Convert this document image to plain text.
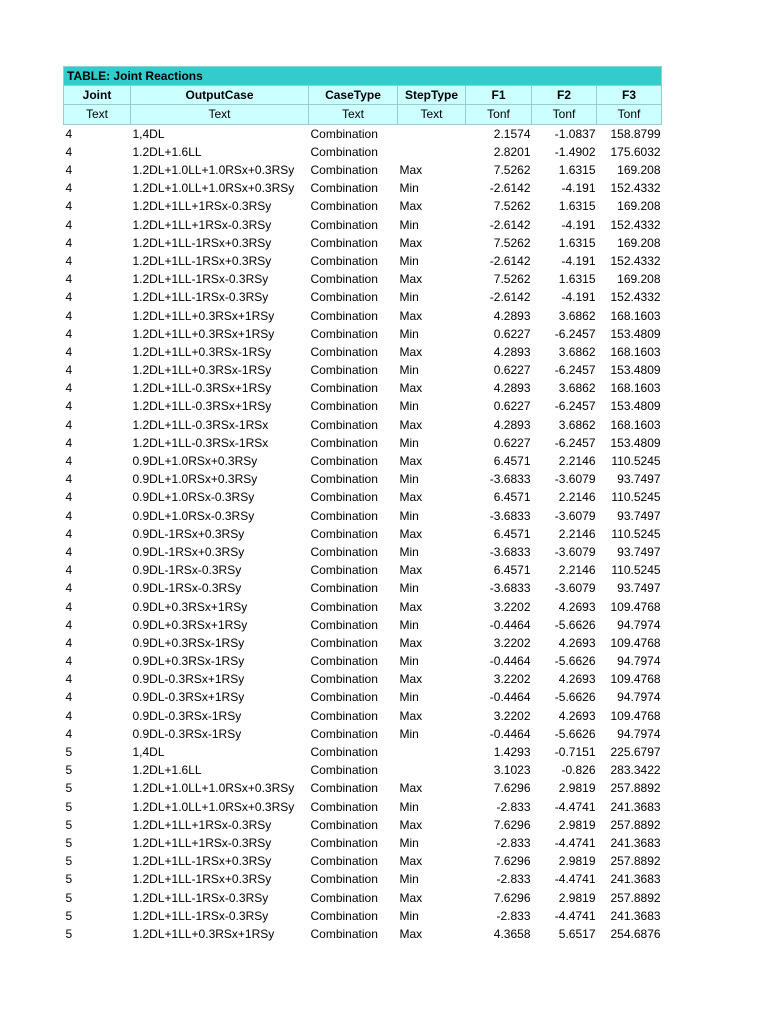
TABLE: Joint Reactions						
Joint	OutputCase	CaseType	StepType	F1	F2	F3
Text	Text	Text	Text	Tonf	Tonf	Tonf
4	1,4DL	Combination		2.1574	-1.0837	158.8799
4	1.2DL+1.6LL	Combination		2.8201	-1.4902	175.6032
4	1.2DL+1.0LL+1.0RSx+0.3RSy	Combination	Max	7.5262	1.6315	169.208
4	1.2DL+1.0LL+1.0RSx+0.3RSy	Combination	Min	-2.6142	-4.191	152.4332
4	1.2DL+1LL+1RSx-0.3RSy	Combination	Max	7.5262	1.6315	169.208
4	1.2DL+1LL+1RSx-0.3RSy	Combination	Min	-2.6142	-4.191	152.4332
4	1.2DL+1LL-1RSx+0.3RSy	Combination	Max	7.5262	1.6315	169.208
4	1.2DL+1LL-1RSx+0.3RSy	Combination	Min	-2.6142	-4.191	152.4332
4	1.2DL+1LL-1RSx-0.3RSy	Combination	Max	7.5262	1.6315	169.208
4	1.2DL+1LL-1RSx-0.3RSy	Combination	Min	-2.6142	-4.191	152.4332
4	1.2DL+1LL+0.3RSx+1RSy	Combination	Max	4.2893	3.6862	168.1603
4	1.2DL+1LL+0.3RSx+1RSy	Combination	Min	0.6227	-6.2457	153.4809
4	1.2DL+1LL+0.3RSx-1RSy	Combination	Max	4.2893	3.6862	168.1603
4	1.2DL+1LL+0.3RSx-1RSy	Combination	Min	0.6227	-6.2457	153.4809
4	1.2DL+1LL-0.3RSx+1RSy	Combination	Max	4.2893	3.6862	168.1603
4	1.2DL+1LL-0.3RSx+1RSy	Combination	Min	0.6227	-6.2457	153.4809
4	1.2DL+1LL-0.3RSx-1RSx	Combination	Max	4.2893	3.6862	168.1603
4	1.2DL+1LL-0.3RSx-1RSx	Combination	Min	0.6227	-6.2457	153.4809
4	0.9DL+1.0RSx+0.3RSy	Combination	Max	6.4571	2.2146	110.5245
4	0.9DL+1.0RSx+0.3RSy	Combination	Min	-3.6833	-3.6079	93.7497
4	0.9DL+1.0RSx-0.3RSy	Combination	Max	6.4571	2.2146	110.5245
4	0.9DL+1.0RSx-0.3RSy	Combination	Min	-3.6833	-3.6079	93.7497
4	0.9DL-1RSx+0.3RSy	Combination	Max	6.4571	2.2146	110.5245
4	0.9DL-1RSx+0.3RSy	Combination	Min	-3.6833	-3.6079	93.7497
4	0.9DL-1RSx-0.3RSy	Combination	Max	6.4571	2.2146	110.5245
4	0.9DL-1RSx-0.3RSy	Combination	Min	-3.6833	-3.6079	93.7497
4	0.9DL+0.3RSx+1RSy	Combination	Max	3.2202	4.2693	109.4768
4	0.9DL+0.3RSx+1RSy	Combination	Min	-0.4464	-5.6626	94.7974
4	0.9DL+0.3RSx-1RSy	Combination	Max	3.2202	4.2693	109.4768
4	0.9DL+0.3RSx-1RSy	Combination	Min	-0.4464	-5.6626	94.7974
4	0.9DL-0.3RSx+1RSy	Combination	Max	3.2202	4.2693	109.4768
4	0.9DL-0.3RSx+1RSy	Combination	Min	-0.4464	-5.6626	94.7974
4	0.9DL-0.3RSx-1RSy	Combination	Max	3.2202	4.2693	109.4768
4	0.9DL-0.3RSx-1RSy	Combination	Min	-0.4464	-5.6626	94.7974
5	1,4DL	Combination		1.4293	-0.7151	225.6797
5	1.2DL+1.6LL	Combination		3.1023	-0.826	283.3422
5	1.2DL+1.0LL+1.0RSx+0.3RSy	Combination	Max	7.6296	2.9819	257.8892
5	1.2DL+1.0LL+1.0RSx+0.3RSy	Combination	Min	-2.833	-4.4741	241.3683
5	1.2DL+1LL+1RSx-0.3RSy	Combination	Max	7.6296	2.9819	257.8892
5	1.2DL+1LL+1RSx-0.3RSy	Combination	Min	-2.833	-4.4741	241.3683
5	1.2DL+1LL-1RSx+0.3RSy	Combination	Max	7.6296	2.9819	257.8892
5	1.2DL+1LL-1RSx+0.3RSy	Combination	Min	-2.833	-4.4741	241.3683
5	1.2DL+1LL-1RSx-0.3RSy	Combination	Max	7.6296	2.9819	257.8892
5	1.2DL+1LL-1RSx-0.3RSy	Combination	Min	-2.833	-4.4741	241.3683
5	1.2DL+1LL+0.3RSx+1RSy	Combination	Max	4.3658	5.6517	254.6876
